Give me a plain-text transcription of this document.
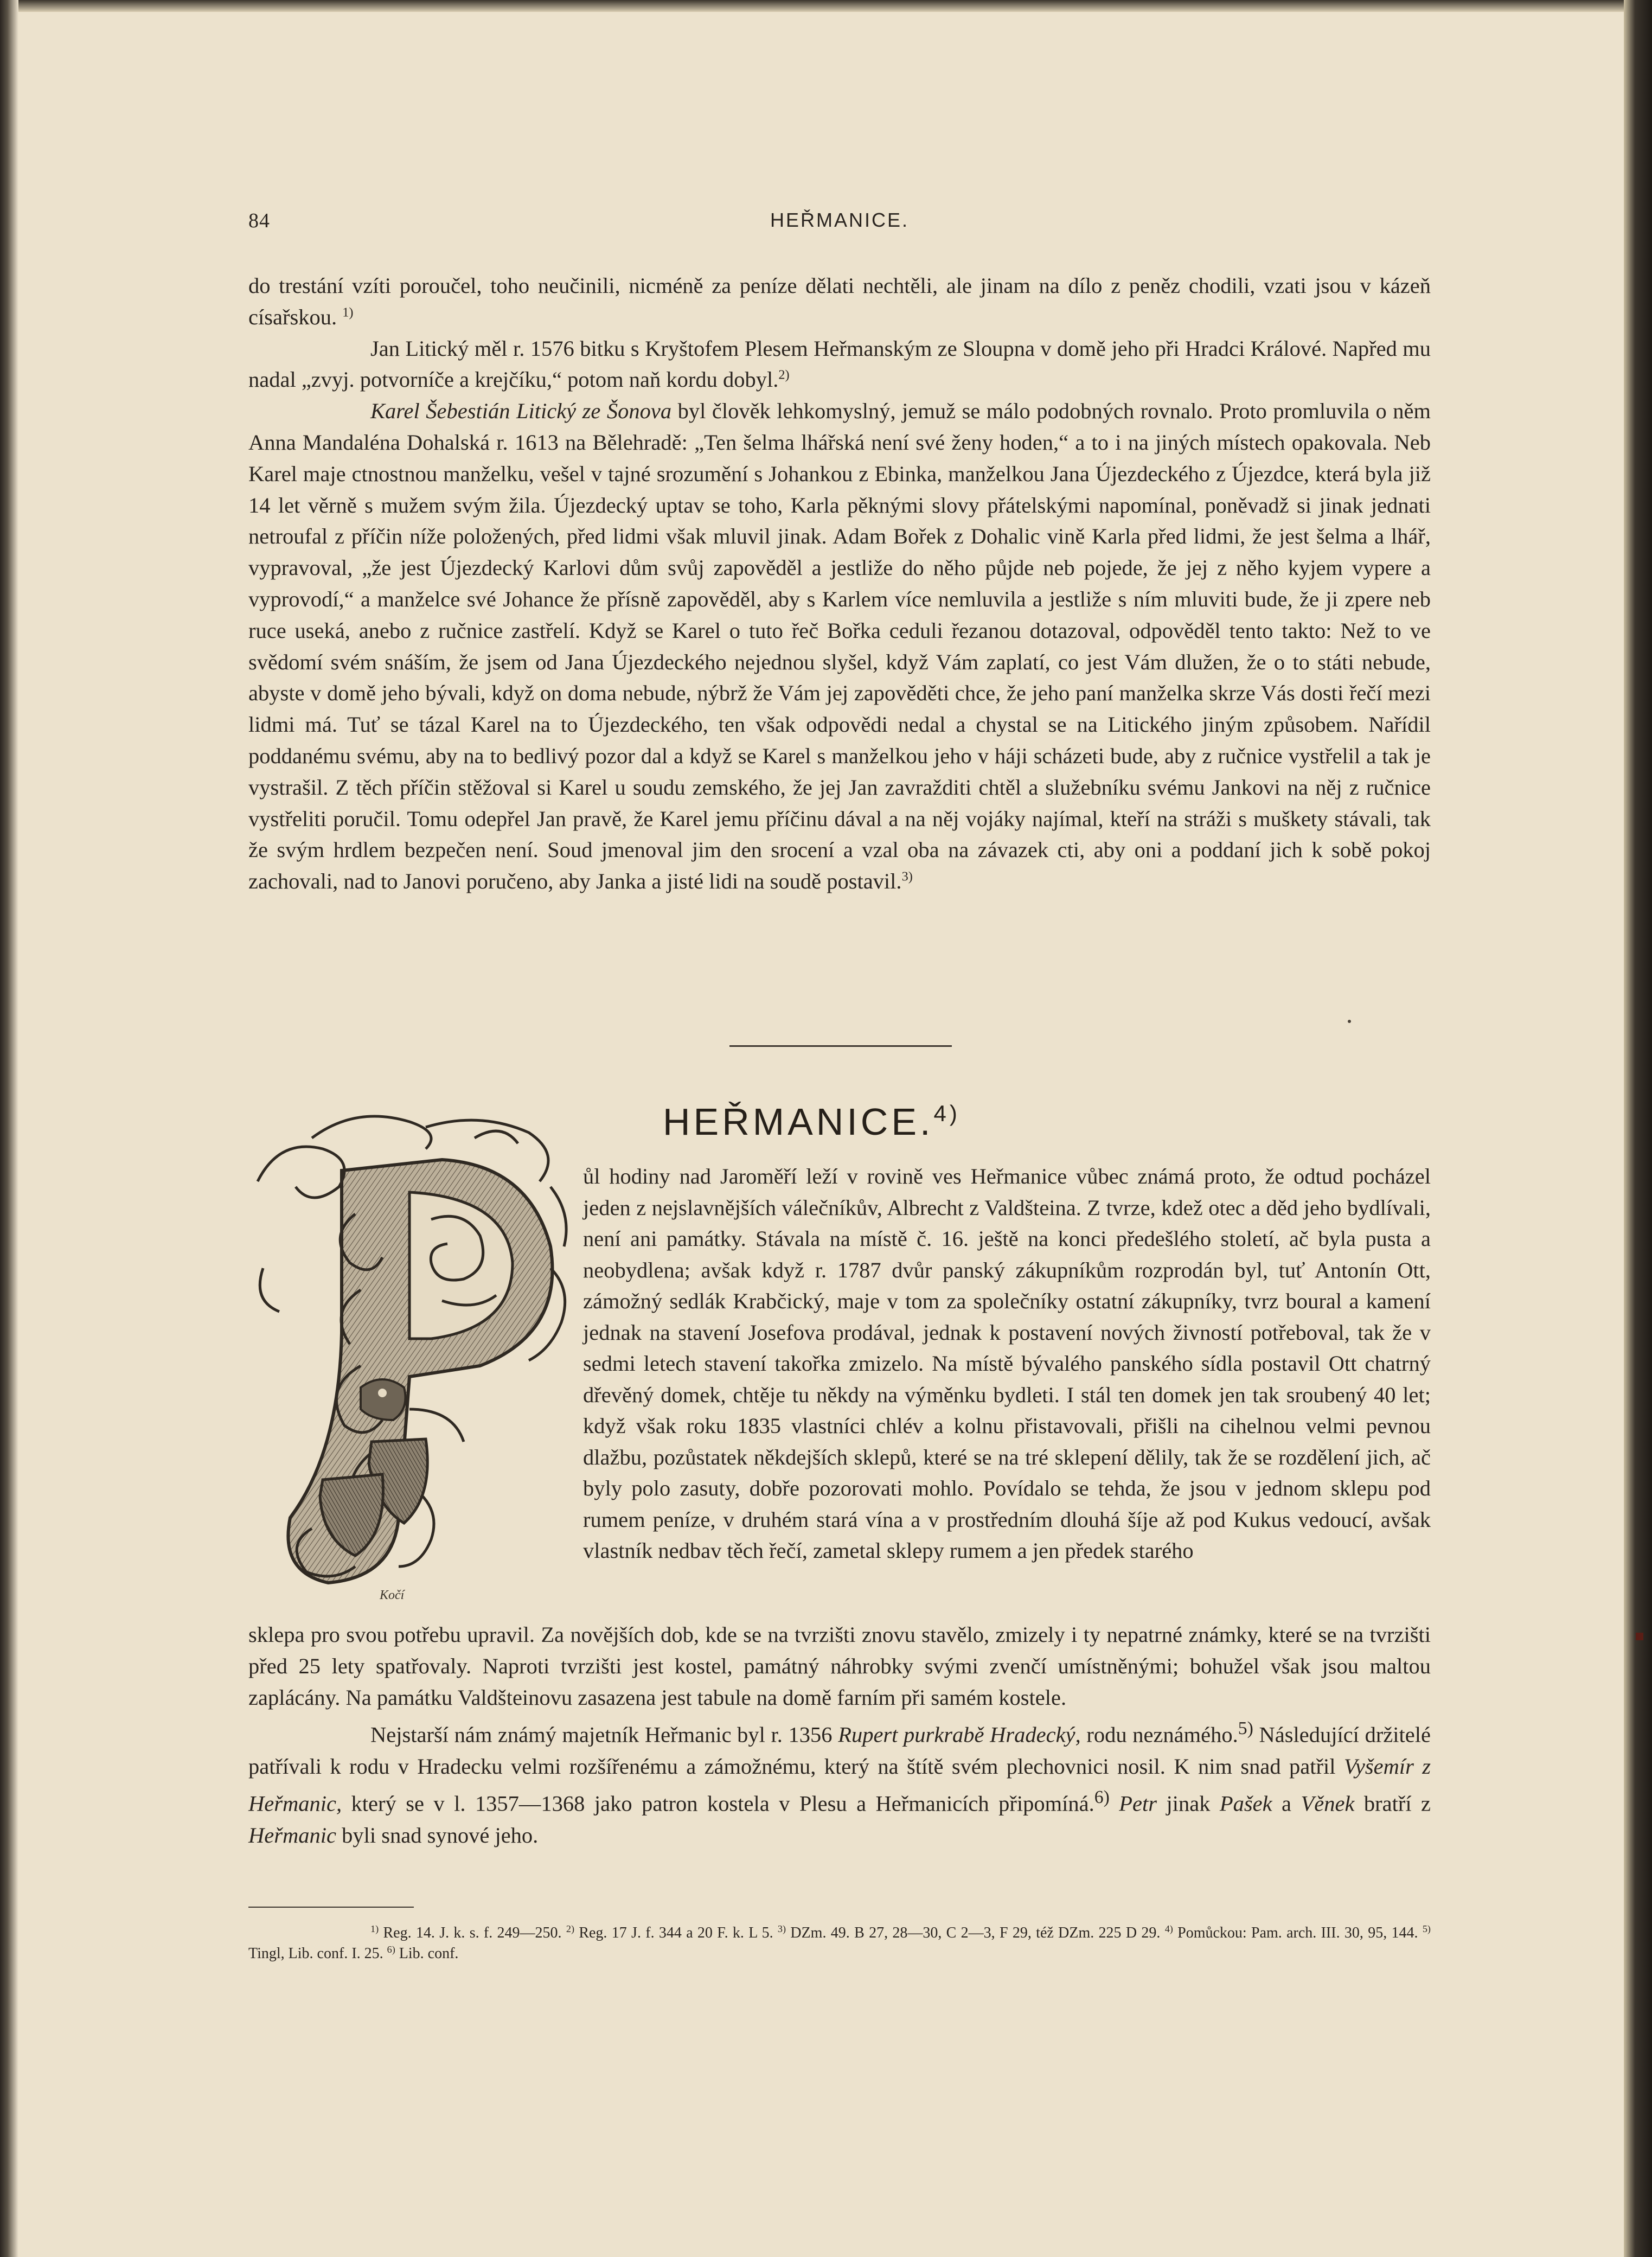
84	HEŘMANICE.

do trestání vzíti poroučel, toho neučinili, nicméně za peníze dělati nechtěli, ale jinam na dílo z peněz chodili, vzati jsou v kázeň císařskou. $^{1)}$

Jan Litický měl r. 1576 bitku s Kryštofem Plesem Heřmanským ze Sloupna v domě jeho při Hradci Králové. Napřed mu nadal „zvyj. potvorníče a krejčíku,“ potom naň kordu dobyl.$^{2)}$

Karel Šebestián Litický ze Šonova byl člověk lehkomyslný, jemuž se málo podobných rovnalo. Proto promluvila o něm Anna Mandaléna Dohalská r. 1613 na Bělehradě: „Ten šelma lhářská není své ženy hoden,“ a to i na jiných místech opakovala. Neb Karel maje ctnostnou manželku, vešel v tajné srozumění s Johankou z Ebinka, manželkou Jana Újezdeckého z Újezdce, která byla již 14 let věrně s mužem svým žila. Újezdecký uptav se toho, Karla pěknými slovy přátelskými napomínal, poněvadž si jinak jednati netroufal z příčin níže položených, před lidmi však mluvil jinak. Adam Bořek z Dohalic vině Karla před lidmi, že jest šelma a lhář, vypravoval, „že jest Újezdecký Karlovi dům svůj zapověděl a jestliže do něho půjde neb pojede, že jej z něho kyjem vypere a vyprovodí,“ a manželce své Johance že přísně zapověděl, aby s Karlem více nemluvila a jestliže s ním mluviti bude, že ji zpere neb ruce useká, anebo z ručnice zastřelí. Když se Karel o tuto řeč Bořka ceduli řezanou dotazoval, odpověděl tento takto: Než to ve svědomí svém snáším, že jsem od Jana Újezdeckého nejednou slyšel, když Vám zaplatí, co jest Vám dlužen, že o to státi nebude, abyste v domě jeho bývali, když on doma nebude, nýbrž že Vám jej zapověděti chce, že jeho paní manželka skrze Vás dosti řečí mezi lidmi má. Tuť se tázal Karel na to Újezdeckého, ten však odpovědi nedal a chystal se na Litického jiným způsobem. Nařídil poddanému svému, aby na to bedlivý pozor dal a když se Karel s manželkou jeho v háji scházeti bude, aby z ručnice vystřelil a tak je vystrašil. Z těch příčin stěžoval si Karel u soudu zemského, že jej Jan zavražditi chtěl a služebníku svému Jankovi na něj z ručnice vystřeliti poručil. Tomu odepřel Jan pravě, že Karel jemu příčinu dával a na něj vojáky najímal, kteří na stráži s muškety stávali, tak že svým hrdlem bezpečen není. Soud jmenoval jim den srocení a vzal oba na závazek cti, aby oni a poddaní jich k sobě pokoj zachovali, nad to Janovi poručeno, aby Janka a jisté lidi na soudě postavil.$^{3)}$

HEŘMANICE.$^{4)}$
Kočí

ůl hodiny nad Jaroměří leží v rovině ves Heřmanice vůbec známá proto, že odtud pocházel jeden z nejslavnějších válečníkův, Albrecht z Valdšteina. Z tvrze, kdež otec a děd jeho bydlívali, není ani památky. Stávala na místě č. 16. ještě na konci předešlého století, ač byla pusta a neobydlena; avšak když r. 1787 dvůr panský zákupníkům rozprodán byl, tuť Antonín Ott, zámožný sedlák Krabčický, maje v tom za společníky ostatní zákupníky, tvrz boural a kamení jednak na stavení Josefova prodával, jednak k postavení nových živností potřeboval, tak že v sedmi letech stavení takořka zmizelo. Na místě bývalého panského sídla postavil Ott chatrný dřevěný domek, chtěje tu někdy na výměnku bydleti. I stál ten domek jen tak sroubený 40 let; když však roku 1835 vlastníci chlév a kolnu přistavovali, přišli na cihelnou velmi pevnou dlažbu, pozůstatek někdejších sklepů, které se na tré sklepení dělily, tak že se rozdělení jich, ač byly polo zasuty, dobře pozorovati mohlo. Povídalo se tehda, že jsou v jednom sklepu pod rumem peníze, v druhém stará vína a v prostředním dlouhá šíje až pod Kukus vedoucí, avšak vlastník nedbav těch řečí, zametal sklepy rumem a jen předek starého

sklepa pro svou potřebu upravil. Za novějších dob, kde se na tvrzišti znovu stavělo, zmizely i ty nepatrné známky, které se na tvrzišti před 25 lety spatřovaly. Naproti tvrzišti jest kostel, památný náhrobky svými zvenčí umístněnými; bohužel však jsou maltou zaplácány. Na památku Valdšteinovu zasazena jest tabule na domě farním při samém kostele.

Nejstarší nám známý majetník Heřmanic byl r. 1356 Rupert purkrabě Hradecký, rodu neznámého.$^{5)}$ Následující držitelé patřívali k rodu v Hradecku velmi rozšířenému a zámožnému, který na štítě svém plechovnici nosil. K nim snad patřil Vyšemír z Heřmanic, který se v l. 1357—1368 jako patron kostela v Plesu a Heřmanicích připomíná.$^{6)}$ Petr jinak Pašek a Věnek bratří z Heřmanic byli snad synové jeho.

$^{1)}$ Reg. 14. J. k. s. f. 249—250. $^{2)}$ Reg. 17 J. f. 344 a 20 F. k. L 5. $^{3)}$ DZm. 49. B 27, 28—30, C 2—3, F 29, též DZm. 225 D 29. $^{4)}$ Pomůckou: Pam. arch. III. 30, 95, 144. $^{5)}$ Tingl, Lib. conf. I. 25. $^{6)}$ Lib. conf.
